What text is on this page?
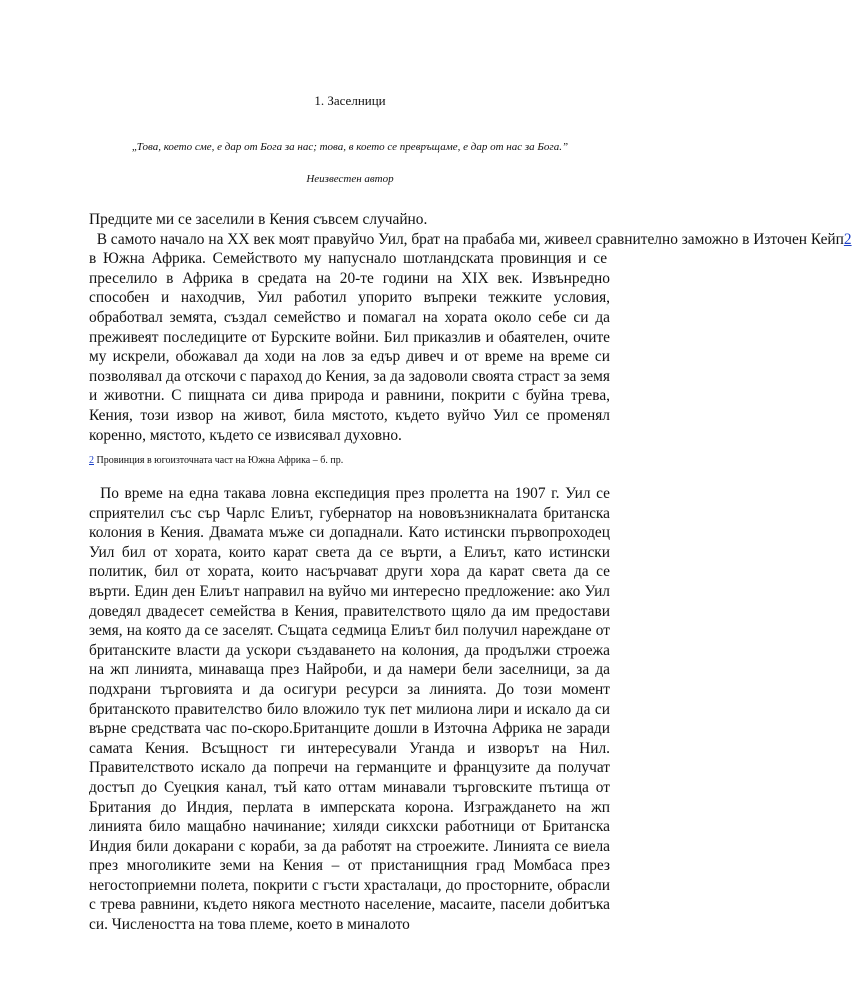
1. Заселници
„Това, което сме, е дар от Бога за нас; това, в което се превръщаме, е дар от нас за Бога.”
Неизвестен автор

Предците ми се заселили в Кения съвсем случайно.

В самото начало на XX век моят правуйчо Уил, брат на прабаба ми, живеел сравнително заможно в Източен Кейп2 в Южна Африка. Семейството му напуснало шотландската провинция и се преселило в Африка в средата на 20-те години на XIX век. Извънредно способен и находчив, Уил работил упорито въпреки тежките условия, обработвал земята, създал семейство и помагал на хората около себе си да преживеят последиците от Бурските войни. Бил приказлив и обаятелен, очите му искрели, обожавал да ходи на лов за едър дивеч и от време на време си позволявал да отскочи с параход до Кения, за да задоволи своята страст за земя и животни. С пищната си дива природа и равнини, покрити с буйна трева, Кения, този извор на живот, била мястото, където вуйчо Уил се променял коренно, мястото, където се извисявал духовно.

2 Провинция в югоизточната част на Южна Африка – б. пр.

По време на една такава ловна експедиция през пролетта на 1907 г. Уил се сприятелил със сър Чарлс Елиът, губернатор на нововъзникналата британска колония в Кения. Двамата мъже си допаднали. Като истински първопроходец Уил бил от хората, които карат света да се върти, а Елиът, като истински политик, бил от хората, които насърчават други хора да карат света да се върти. Един ден Елиът направил на вуйчо ми интересно предложение: ако Уил доведял двадесет семейства в Кения, правителството щяло да им предостави земя, на която да се заселят. Същата седмица Елиът бил получил нареждане от британските власти да ускори създаването на колония, да продължи строежа на жп линията, минаваща през Найроби, и да намери бели заселници, за да подхрани търговията и да осигури ресурси за линията. До този момент британското правителство било вложило тук пет милиона лири и искало да си върне средствата час по-скоро.Британците дошли в Източна Африка не заради самата Кения. Всъщност ги интересували Уганда и изворът на Нил. Правителството искало да попречи на германците и французите да получат достъп до Суецкия канал, тъй като оттам минавали търговските пътища от Британия до Индия, перлата в имперската корона. Изграждането на жп линията било мащабно начинание; хиляди сикхски работници от Британска Индия били докарани с кораби, за да работят на строежите. Линията се виела през многоликите земи на Кения – от пристанищния град Момбаса през негостоприемни полета, покрити с гъсти храсталаци, до просторните, обрасли с трева равнини, където някога местното население, масаите, пасели добитъка си. Числеността на това племе, което в миналото
